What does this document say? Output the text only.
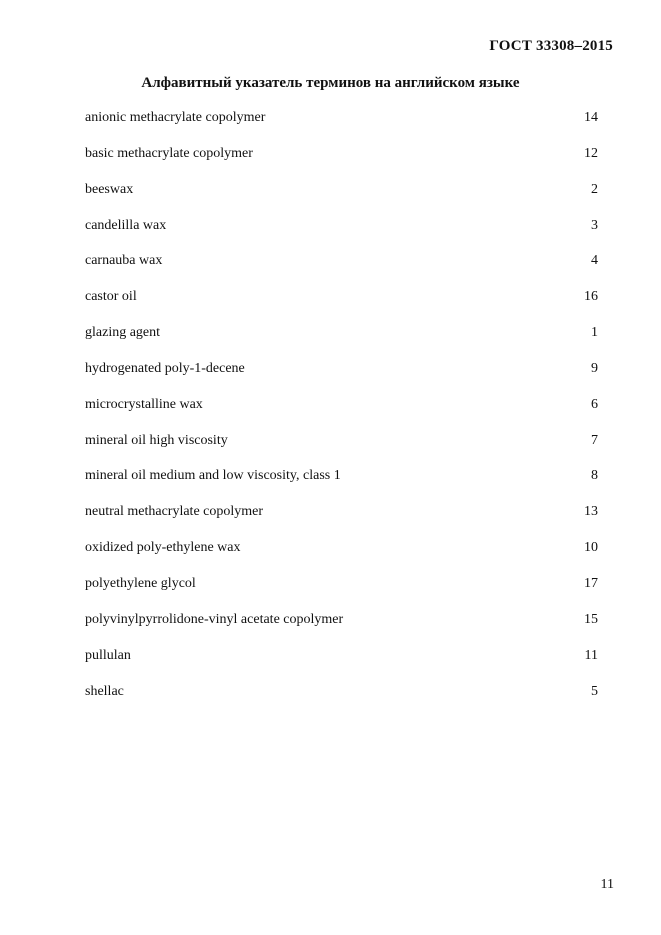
ГОСТ 33308–2015
Алфавитный указатель терминов на английском языке
anionic methacrylate copolymer	14
basic methacrylate copolymer	12
beeswax	2
candelilla wax	3
carnauba wax	4
castor oil	16
glazing agent	1
hydrogenated poly-1-decene	9
microcrystalline wax	6
mineral oil high viscosity	7
mineral oil medium and low viscosity, class 1	8
neutral methacrylate copolymer	13
oxidized poly-ethylene wax	10
polyethylene glycol	17
polyvinylpyrrolidone-vinyl acetate copolymer	15
pullulan	11
shellac	5
11
